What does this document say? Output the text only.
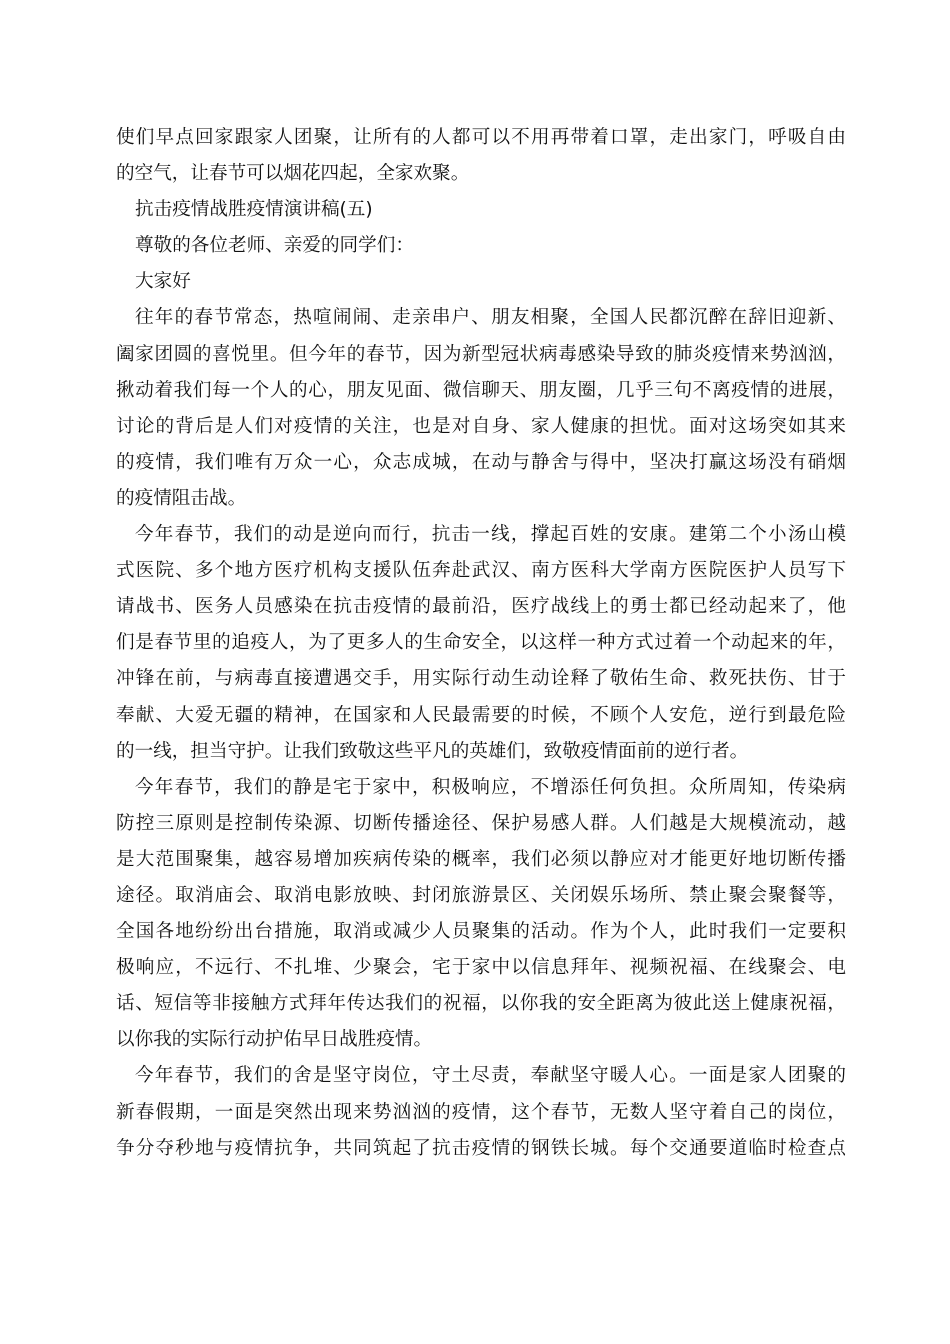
使们早点回家跟家人团聚，让所有的人都可以不用再带着口罩，走出家门，呼吸自由
的空气，让春节可以烟花四起，全家欢聚。
抗击疫情战胜疫情演讲稿(五)
尊敬的各位老师、亲爱的同学们：
大家好
往年的春节常态，热喧闹闹、走亲串户、朋友相聚，全国人民都沉醉在辞旧迎新、
阖家团圆的喜悦里。但今年的春节，因为新型冠状病毒感染导致的肺炎疫情来势汹汹，
揪动着我们每一个人的心，朋友见面、微信聊天、朋友圈，几乎三句不离疫情的进展，
讨论的背后是人们对疫情的关注，也是对自身、家人健康的担忧。面对这场突如其来
的疫情，我们唯有万众一心，众志成城，在动与静舍与得中，坚决打赢这场没有硝烟
的疫情阻击战。
今年春节，我们的动是逆向而行，抗击一线，撑起百姓的安康。建第二个小汤山模
式医院、多个地方医疗机构支援队伍奔赴武汉、南方医科大学南方医院医护人员写下
请战书、医务人员感染在抗击疫情的最前沿，医疗战线上的勇士都已经动起来了，他
们是春节里的追疫人，为了更多人的生命安全，以这样一种方式过着一个动起来的年，
冲锋在前，与病毒直接遭遇交手，用实际行动生动诠释了敬佑生命、救死扶伤、甘于
奉献、大爱无疆的精神，在国家和人民最需要的时候，不顾个人安危，逆行到最危险
的一线，担当守护。让我们致敬这些平凡的英雄们，致敬疫情面前的逆行者。
今年春节，我们的静是宅于家中，积极响应，不增添任何负担。众所周知，传染病
防控三原则是控制传染源、切断传播途径、保护易感人群。人们越是大规模流动，越
是大范围聚集，越容易增加疾病传染的概率，我们必须以静应对才能更好地切断传播
途径。取消庙会、取消电影放映、封闭旅游景区、关闭娱乐场所、禁止聚会聚餐等，
全国各地纷纷出台措施，取消或减少人员聚集的活动。作为个人，此时我们一定要积
极响应，不远行、不扎堆、少聚会，宅于家中以信息拜年、视频祝福、在线聚会、电
话、短信等非接触方式拜年传达我们的祝福，以你我的安全距离为彼此送上健康祝福，
以你我的实际行动护佑早日战胜疫情。
今年春节，我们的舍是坚守岗位，守土尽责，奉献坚守暖人心。一面是家人团聚的
新春假期，一面是突然出现来势汹汹的疫情，这个春节，无数人坚守着自己的岗位，
争分夺秒地与疫情抗争，共同筑起了抗击疫情的钢铁长城。每个交通要道临时检查点
